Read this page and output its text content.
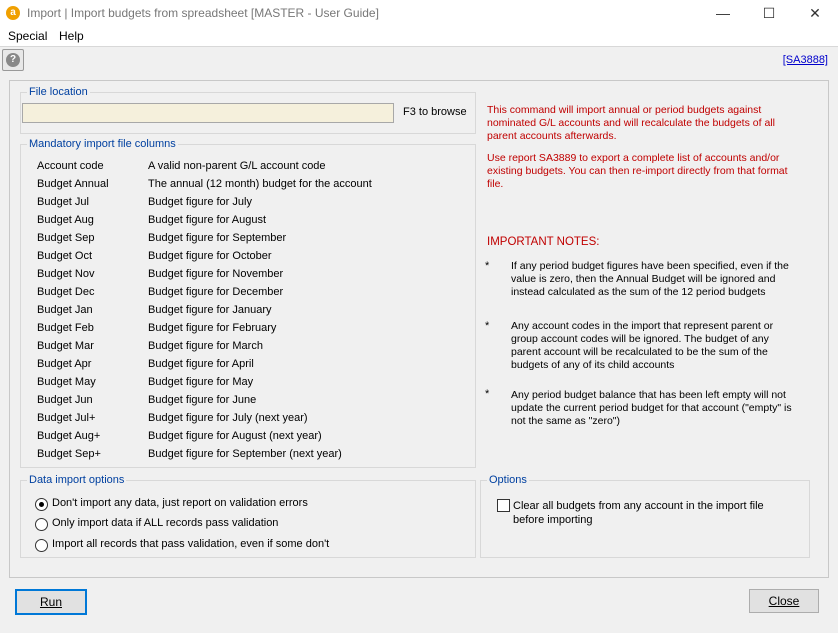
a Import | Import budgets from spreadsheet [MASTER - User Guide]	—	☐	✕
Special Help
?	[SA3888]
File location
F3 to browse
Mandatory import file columns
Account code	A valid non-parent G/L account code
Budget Annual	The annual (12 month) budget for the account
Budget Jul	Budget figure for July
Budget Aug	Budget figure for August
Budget Sep	Budget figure for September
Budget Oct	Budget figure for October
Budget Nov	Budget figure for November
Budget Dec	Budget figure for December
Budget Jan	Budget figure for January
Budget Feb	Budget figure for February
Budget Mar	Budget figure for March
Budget Apr	Budget figure for April
Budget May	Budget figure for May
Budget Jun	Budget figure for June
Budget Jul+	Budget figure for July (next year)
Budget Aug+	Budget figure for August (next year)
Budget Sep+	Budget figure for September (next year)
This command will import annual or period budgets against nominated G/L accounts and will recalculate the budgets of all parent accounts afterwards.
Use report SA3889 to export a complete list of accounts and/or existing budgets. You can then re-import directly from that format file.
IMPORTANT NOTES:
* If any period budget figures have been specified, even if the value is zero, then the Annual Budget will be ignored and instead calculated as the sum of the 12 period budgets
* Any account codes in the import that represent parent or group account codes will be ignored. The budget of any parent account will be recalculated to be the sum of the budgets of any of its child accounts
* Any period budget balance that has been left empty will not update the current period budget for that account ("empty" is not the same as "zero")
Data import options
Don't import any data, just report on validation errors
Only import data if ALL records pass validation
Import all records that pass validation, even if some don't
Options
Clear all budgets from any account in the import file before importing
Run	Close
